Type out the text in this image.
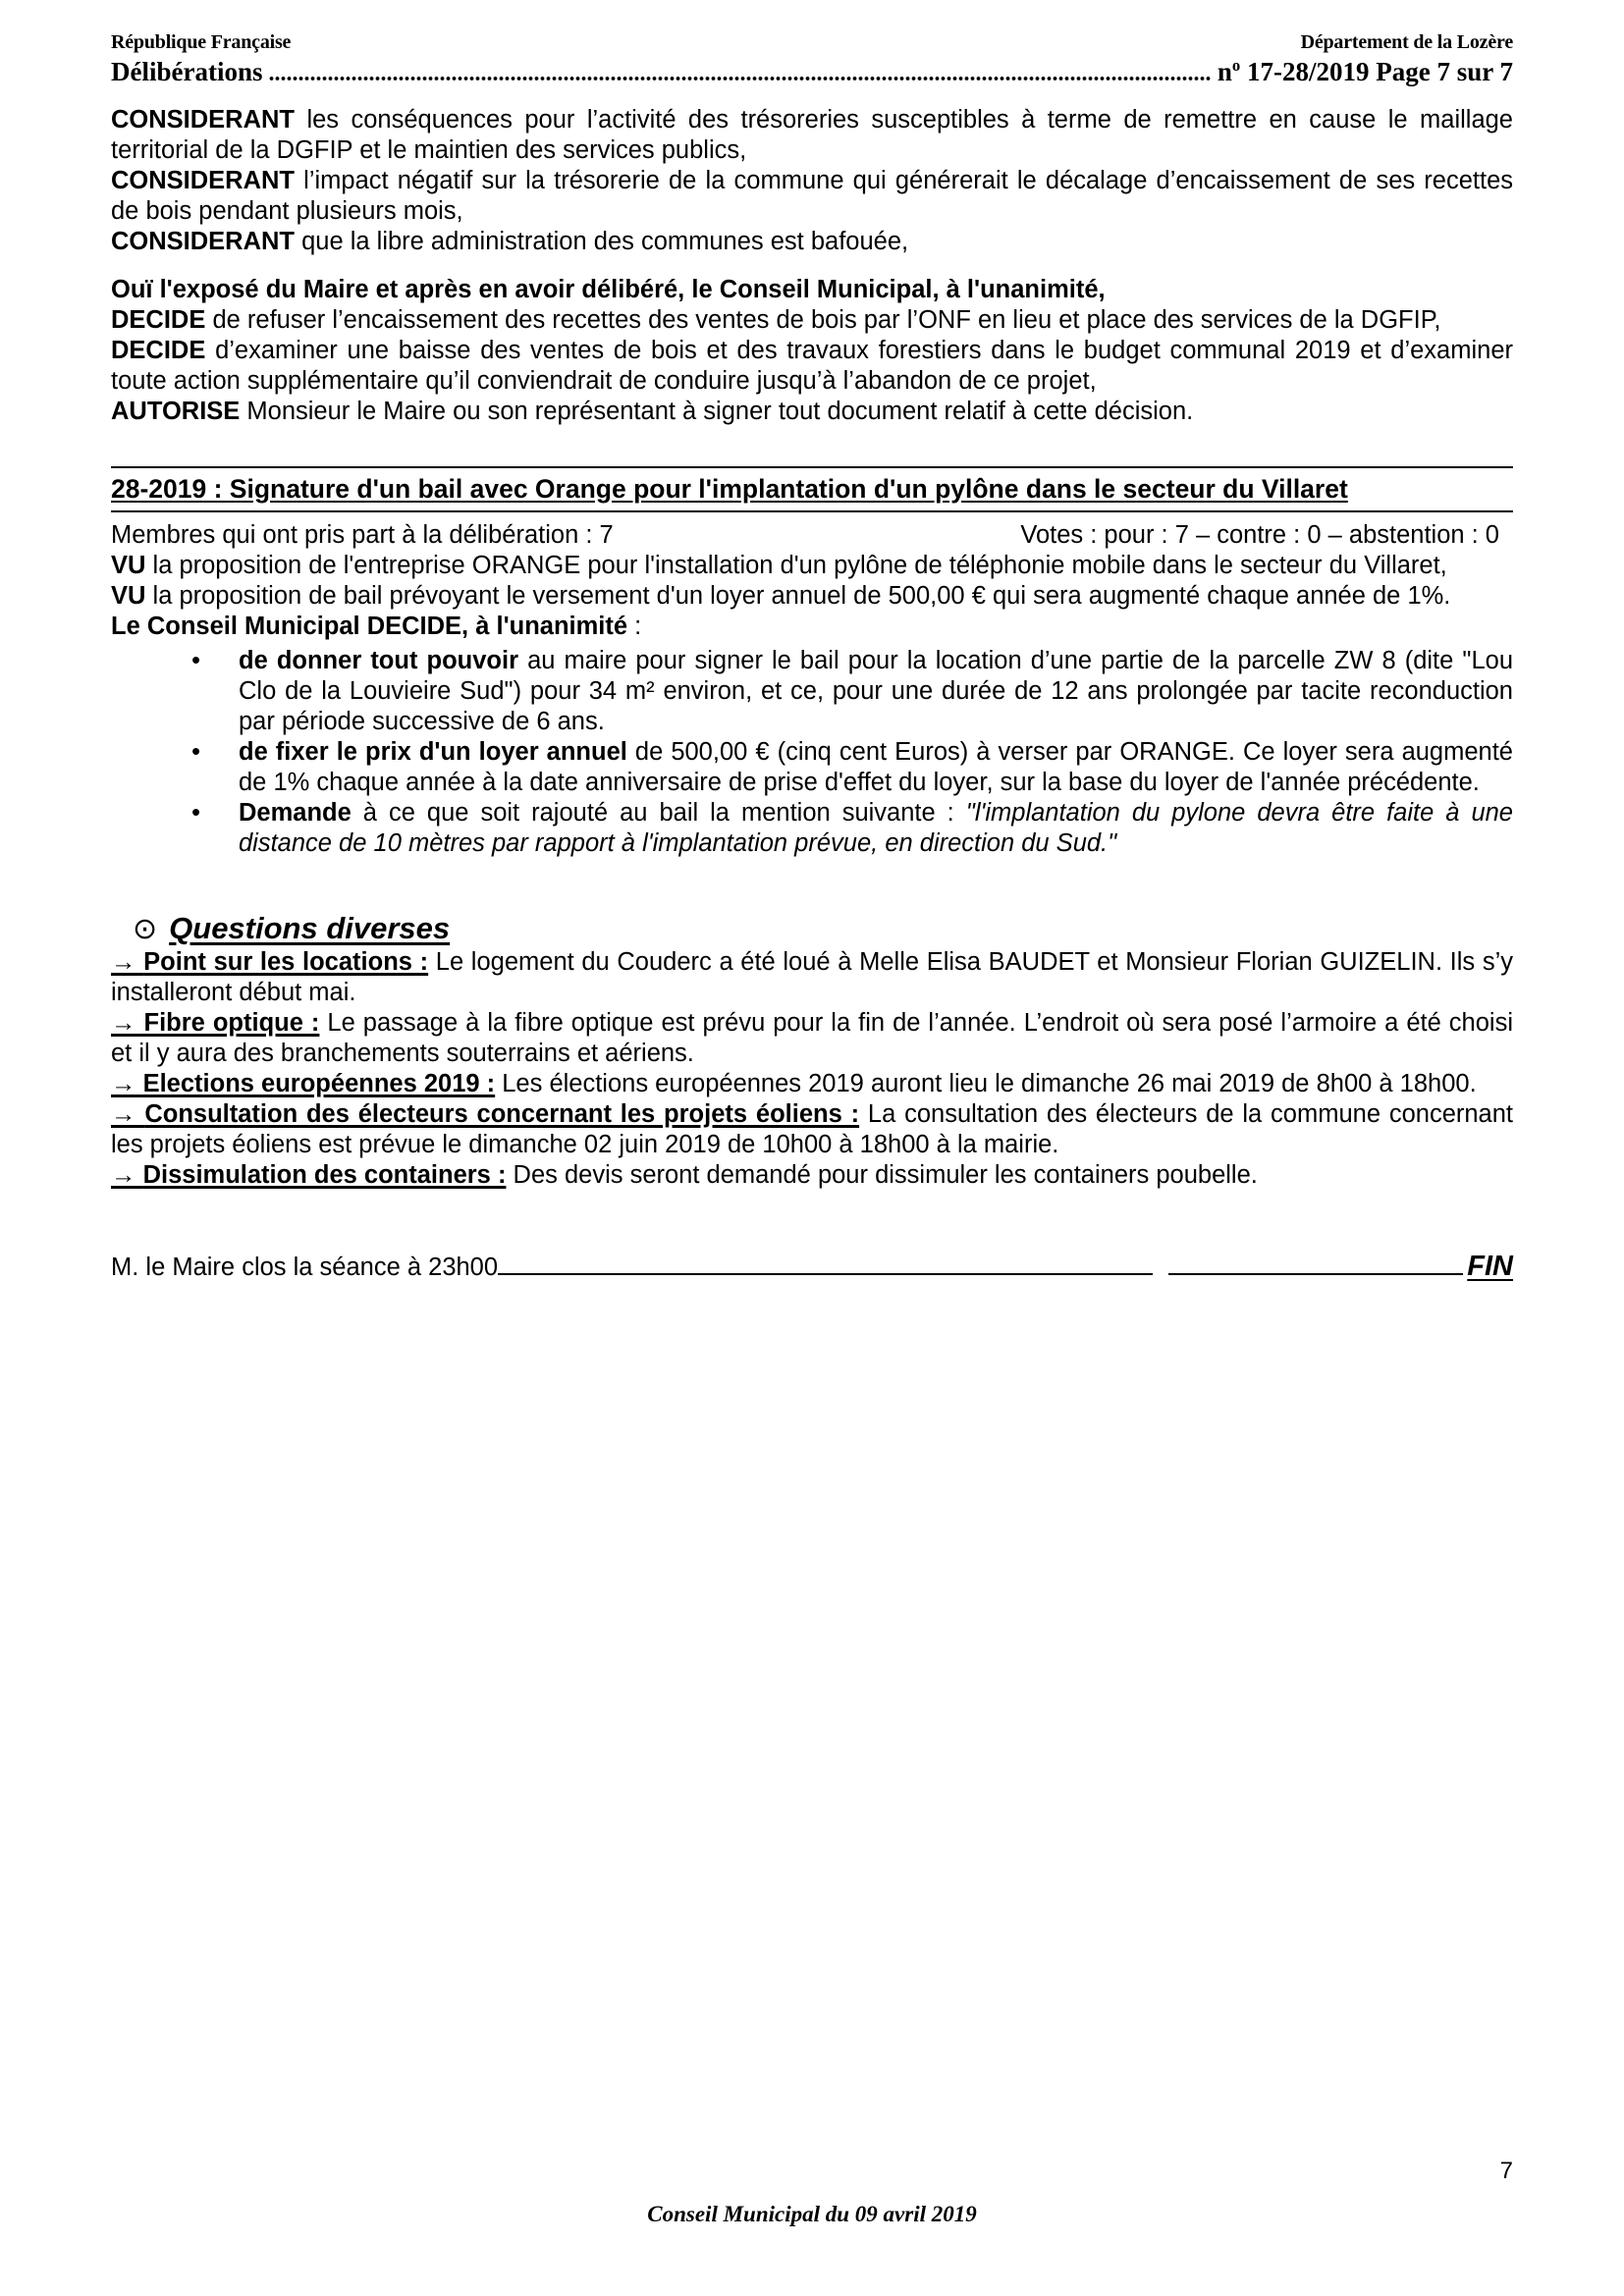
République Française	Département de la Lozère
Délibérations ................................................................................................................................................................ $n^o$ 17-28/2019 Page 7 sur 7

CONSIDERANT les conséquences pour l’activité des trésoreries susceptibles à terme de remettre en cause le maillage territorial de la DGFIP et le maintien des services publics,

CONSIDERANT l’impact négatif sur la trésorerie de la commune qui générerait le décalage d’encaissement de ses recettes de bois pendant plusieurs mois,

CONSIDERANT que la libre administration des communes est bafouée,

Ouï l'exposé du Maire et après en avoir délibéré, le Conseil Municipal, à l'unanimité,

DECIDE de refuser l’encaissement des recettes des ventes de bois par l’ONF en lieu et place des services de la DGFIP,

DECIDE d’examiner une baisse des ventes de bois et des travaux forestiers dans le budget communal 2019 et d’examiner toute action supplémentaire qu’il conviendrait de conduire jusqu’à l’abandon de ce projet,

AUTORISE Monsieur le Maire ou son représentant à signer tout document relatif à cette décision.

28-2019 : Signature d'un bail avec Orange pour l'implantation d'un pylône dans le secteur du Villaret
Membres qui ont pris part à la délibération : 7	Votes : pour : 7 – contre : 0 – abstention : 0

VU la proposition de l'entreprise ORANGE pour l'installation d'un pylône de téléphonie mobile dans le secteur du Villaret,

VU la proposition de bail prévoyant le versement d'un loyer annuel de 500,00 € qui sera augmenté chaque année de 1%.

Le Conseil Municipal DECIDE, à l'unanimité :

• de donner tout pouvoir au maire pour signer le bail pour la location d’une partie de la parcelle ZW 8 (dite "Lou Clo de la Louvieire Sud") pour 34 m² environ, et ce, pour une durée de 12 ans prolongée par tacite reconduction par période successive de 6 ans.
• de fixer le prix d'un loyer annuel de 500,00 € (cinq cent Euros) à verser par ORANGE. Ce loyer sera augmenté de 1% chaque année à la date anniversaire de prise d'effet du loyer, sur la base du loyer de l'année précédente.
• Demande à ce que soit rajouté au bail la mention suivante : "l'implantation du pylone devra être faite à une distance de 10 mètres par rapport à l'implantation prévue, en direction du Sud."
⊙ Questions diverses

→ Point sur les locations : Le logement du Couderc a été loué à Melle Elisa BAUDET et Monsieur Florian GUIZELIN. Ils s’y installeront début mai.

→ Fibre optique : Le passage à la fibre optique est prévu pour la fin de l’année. L’endroit où sera posé l’armoire a été choisi et il y aura des branchements souterrains et aériens.

→ Elections européennes 2019 : Les élections européennes 2019 auront lieu le dimanche 26 mai 2019 de 8h00 à 18h00.

→ Consultation des électeurs concernant les projets éoliens : La consultation des électeurs de la commune concernant les projets éoliens est prévue le dimanche 02 juin 2019 de 10h00 à 18h00 à la mairie.

→ Dissimulation des containers : Des devis seront demandé pour dissimuler les containers poubelle.

M. le Maire clos la séance à 23h00	FIN
7
Conseil Municipal du 09 avril 2019
